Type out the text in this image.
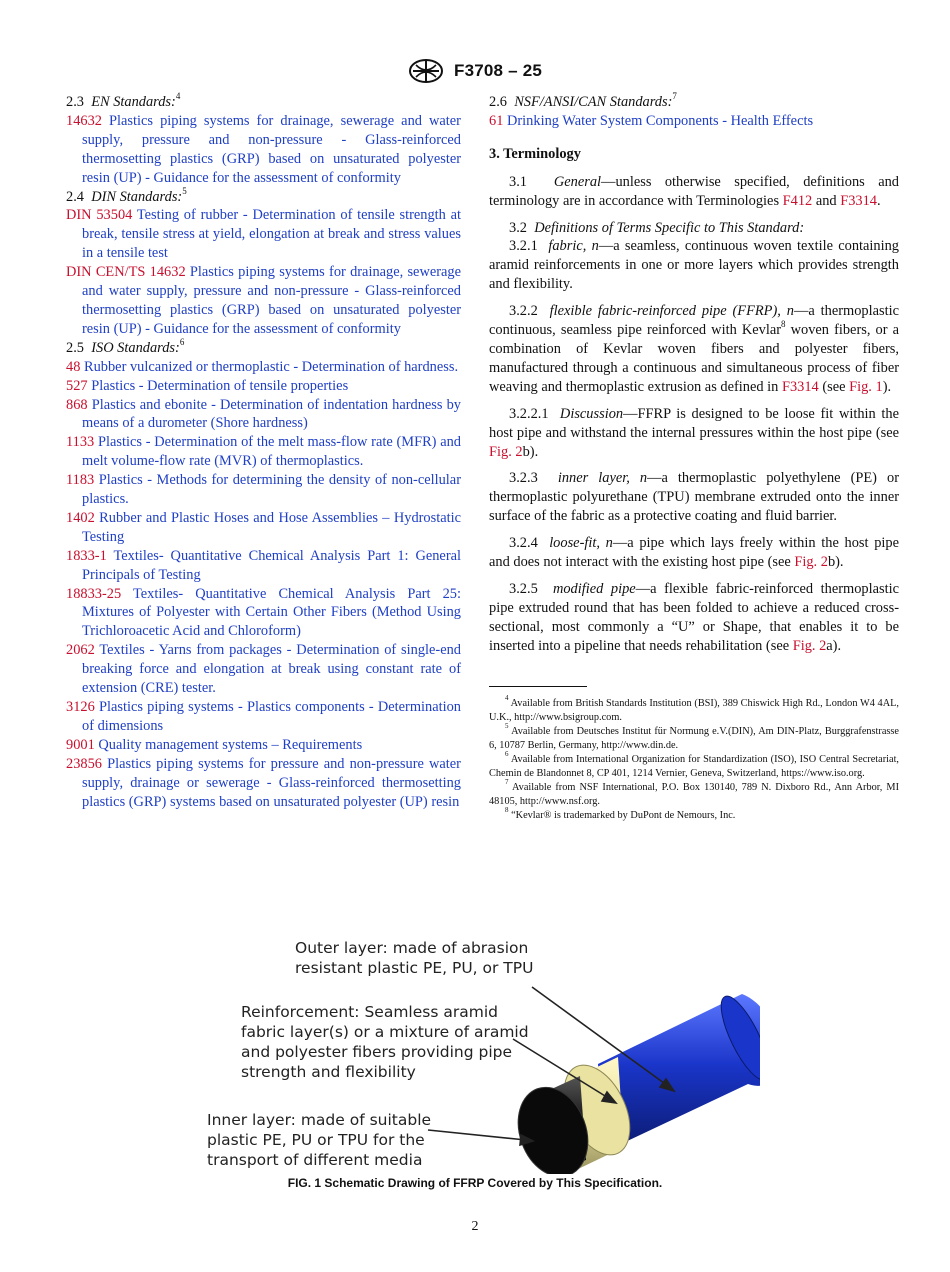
F3708 – 25

2.3 EN Standards:$^4$

14632 Plastics piping systems for drainage, sewerage and water supply, pressure and non-pressure - Glass-reinforced thermosetting plastics (GRP) based on unsaturated polyester resin (UP) - Guidance for the assessment of conformity

2.4 DIN Standards:$^5$

DIN 53504 Testing of rubber - Determination of tensile strength at break, tensile stress at yield, elongation at break and stress values in a tensile test

DIN CEN/TS 14632 Plastics piping systems for drainage, sewerage and water supply, pressure and non-pressure - Glass-reinforced thermosetting plastics (GRP) based on unsaturated polyester resin (UP) - Guidance for the assessment of conformity

2.5 ISO Standards:$^6$

48 Rubber vulcanized or thermoplastic - Determination of hardness.

527 Plastics - Determination of tensile properties

868 Plastics and ebonite - Determination of indentation hardness by means of a durometer (Shore hardness)

1133 Plastics - Determination of the melt mass-flow rate (MFR) and melt volume-flow rate (MVR) of thermoplastics.

1183 Plastics - Methods for determining the density of non-cellular plastics.

1402 Rubber and Plastic Hoses and Hose Assemblies – Hydrostatic Testing

1833-1 Textiles- Quantitative Chemical Analysis Part 1: General Principals of Testing

18833-25 Textiles- Quantitative Chemical Analysis Part 25: Mixtures of Polyester with Certain Other Fibers (Method Using Trichloroacetic Acid and Chloroform)

2062 Textiles - Yarns from packages - Determination of single-end breaking force and elongation at break using constant rate of extension (CRE) tester.

3126 Plastics piping systems - Plastics components - Determination of dimensions

9001 Quality management systems – Requirements

23856 Plastics piping systems for pressure and non-pressure water supply, drainage or sewerage - Glass-reinforced thermosetting plastics (GRP) systems based on unsaturated polyester (UP) resin

2.6 NSF/ANSI/CAN Standards:$^7$

61 Drinking Water System Components - Health Effects

3. Terminology

3.1 General—unless otherwise specified, definitions and terminology are in accordance with Terminologies F412 and F3314.

3.2 Definitions of Terms Specific to This Standard:

3.2.1 fabric, n—a seamless, continuous woven textile containing aramid reinforcements in one or more layers which provides strength and flexibility.

3.2.2 flexible fabric-reinforced pipe (FFRP), n—a thermoplastic continuous, seamless pipe reinforced with Kevlar$^8$ woven fibers, or a combination of Kevlar woven fibers and polyester fibers, manufactured through a continuous and simultaneous process of fiber weaving and thermoplastic extrusion as defined in F3314 (see Fig. 1).

3.2.2.1 Discussion—FFRP is designed to be loose fit within the host pipe and withstand the internal pressures within the host pipe (see Fig. 2b).

3.2.3 inner layer, n—a thermoplastic polyethylene (PE) or thermoplastic polyurethane (TPU) membrane extruded onto the inner surface of the fabric as a protective coating and fluid barrier.

3.2.4 loose-fit, n—a pipe which lays freely within the host pipe and does not interact with the existing host pipe (see Fig. 2b).

3.2.5 modified pipe—a flexible fabric-reinforced thermoplastic pipe extruded round that has been folded to achieve a reduced cross-sectional, most commonly a “U” or Shape, that enables it to be inserted into a pipeline that needs rehabilitation (see Fig. 2a).

$^4$ Available from British Standards Institution (BSI), 389 Chiswick High Rd., London W4 4AL, U.K., http://www.bsigroup.com.

$^5$ Available from Deutsches Institut für Normung e.V.(DIN), Am DIN-Platz, Burggrafenstrasse 6, 10787 Berlin, Germany, http://www.din.de.

$^6$ Available from International Organization for Standardization (ISO), ISO Central Secretariat, Chemin de Blandonnet 8, CP 401, 1214 Vernier, Geneva, Switzerland, https://www.iso.org.

$^7$ Available from NSF International, P.O. Box 130140, 789 N. Dixboro Rd., Ann Arbor, MI 48105, http://www.nsf.org.

$^8$ “Kevlar® is trademarked by DuPont de Nemours, Inc.

Outer layer: made of abrasion
resistant plastic PE, PU, or TPU
Reinforcement: Seamless aramid
fabric layer(s) or a mixture of aramid
and polyester fibers providing pipe
strength and flexibility
Inner layer: made of suitable
plastic PE, PU or TPU for the
transport of different media
FIG. 1 Schematic Drawing of FFRP Covered by This Specification.
2
